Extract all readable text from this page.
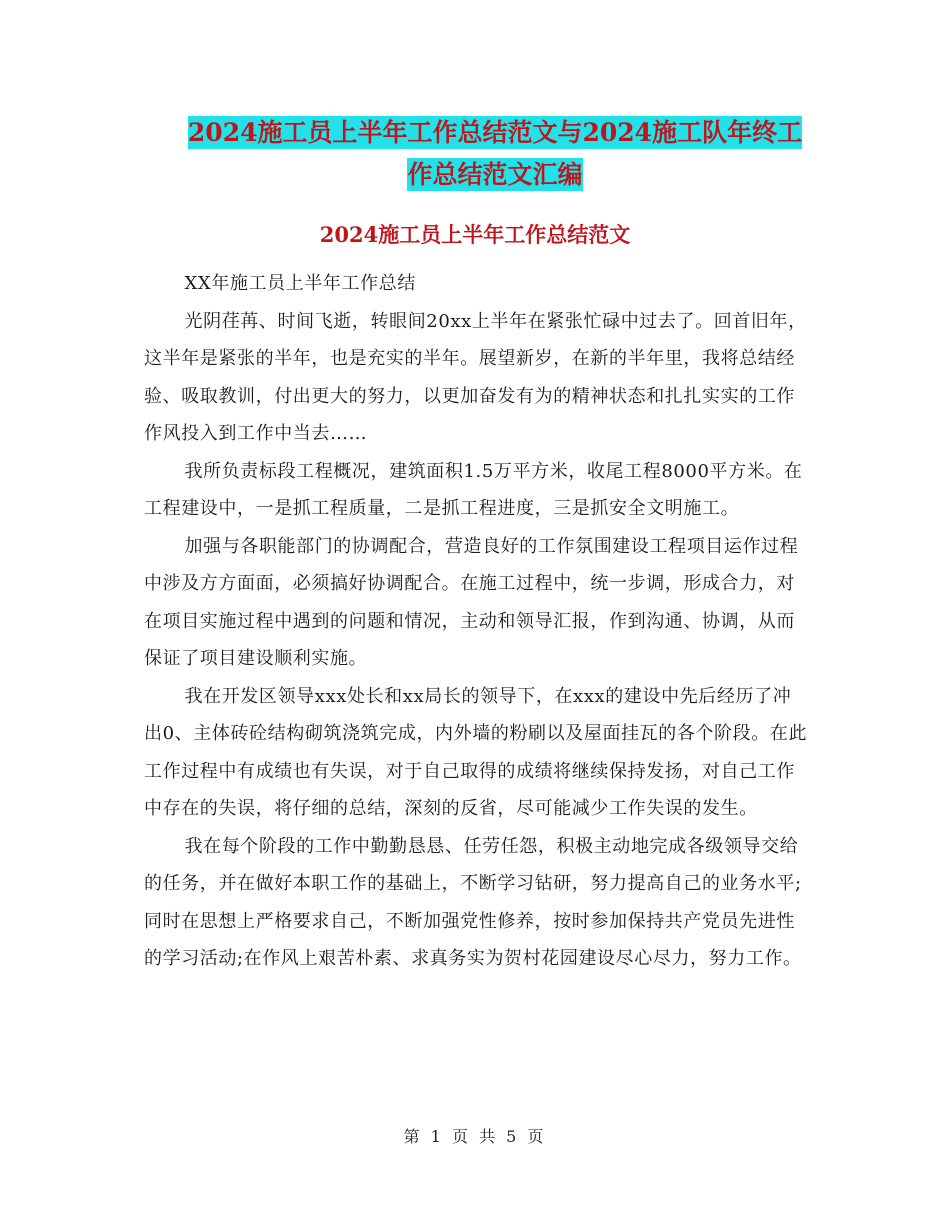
2024施工员上半年工作总结范文与2024施工队年终工
作总结范文汇编
2024施工员上半年工作总结范文

XX年施工员上半年工作总结

光阴荏苒、时间飞逝，转眼间20xx上半年在紧张忙碌中过去了。回首旧年，这半年是紧张的半年，也是充实的半年。展望新岁，在新的半年里，我将总结经验、吸取教训，付出更大的努力，以更加奋发有为的精神状态和扎扎实实的工作作风投入到工作中当去……

我所负责标段工程概况，建筑面积1.5万平方米，收尾工程8000平方米。在工程建设中，一是抓工程质量，二是抓工程进度，三是抓安全文明施工。

加强与各职能部门的协调配合，营造良好的工作氛围建设工程项目运作过程中涉及方方面面，必须搞好协调配合。在施工过程中，统一步调，形成合力，对在项目实施过程中遇到的问题和情况，主动和领导汇报，作到沟通、协调，从而保证了项目建设顺利实施。

我在开发区领导xxx处长和xx局长的领导下，在xxx的建设中先后经历了冲出0、主体砖砼结构砌筑浇筑完成，内外墙的粉刷以及屋面挂瓦的各个阶段。在此工作过程中有成绩也有失误，对于自己取得的成绩将继续保持发扬，对自己工作中存在的失误，将仔细的总结，深刻的反省，尽可能减少工作失误的发生。

我在每个阶段的工作中勤勤恳恳、任劳任怨，积极主动地完成各级领导交给的任务，并在做好本职工作的基础上，不断学习钻研，努力提高自己的业务水平;同时在思想上严格要求自己，不断加强党性修养，按时参加保持共产党员先进性的学习活动;在作风上艰苦朴素、求真务实为贺村花园建设尽心尽力，努力工作。

第 1 页 共 5 页
